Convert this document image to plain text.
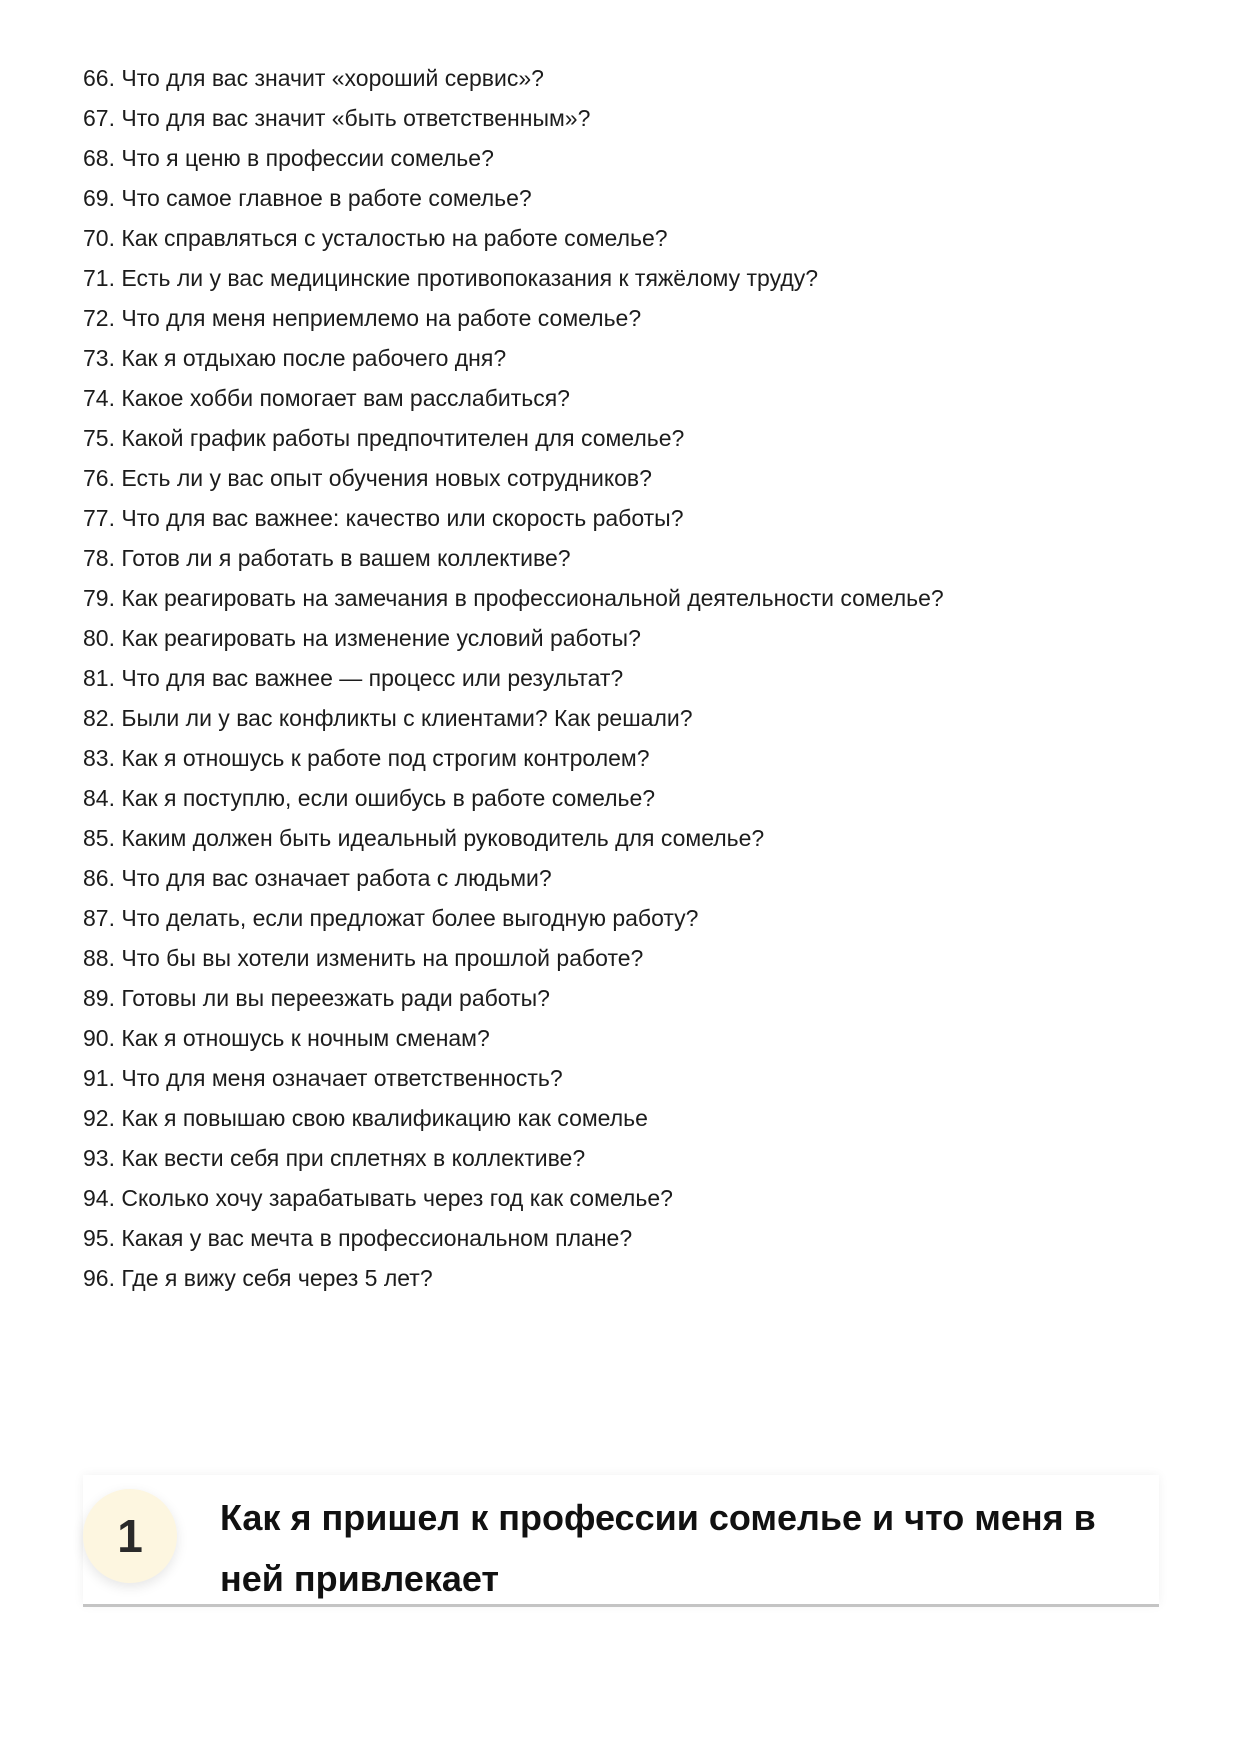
66. Что для вас значит «хороший сервис»?
67. Что для вас значит «быть ответственным»?
68. Что я ценю в профессии сомелье?
69. Что самое главное в работе сомелье?
70. Как справляться с усталостью на работе сомелье?
71. Есть ли у вас медицинские противопоказания к тяжёлому труду?
72. Что для меня неприемлемо на работе сомелье?
73. Как я отдыхаю после рабочего дня?
74. Какое хобби помогает вам расслабиться?
75. Какой график работы предпочтителен для сомелье?
76. Есть ли у вас опыт обучения новых сотрудников?
77. Что для вас важнее: качество или скорость работы?
78. Готов ли я работать в вашем коллективе?
79. Как реагировать на замечания в профессиональной деятельности сомелье?
80. Как реагировать на изменение условий работы?
81. Что для вас важнее — процесс или результат?
82. Были ли у вас конфликты с клиентами? Как решали?
83. Как я отношусь к работе под строгим контролем?
84. Как я поступлю, если ошибусь в работе сомелье?
85. Каким должен быть идеальный руководитель для сомелье?
86. Что для вас означает работа с людьми?
87. Что делать, если предложат более выгодную работу?
88. Что бы вы хотели изменить на прошлой работе?
89. Готовы ли вы переезжать ради работы?
90. Как я отношусь к ночным сменам?
91. Что для меня означает ответственность?
92. Как я повышаю свою квалификацию как сомелье
93. Как вести себя при сплетнях в коллективе?
94. Сколько хочу зарабатывать через год как сомелье?
95. Какая у вас мечта в профессиональном плане?
96. Где я вижу себя через 5 лет?
1	Как я пришел к профессии сомелье и что меня в ней привлекает
